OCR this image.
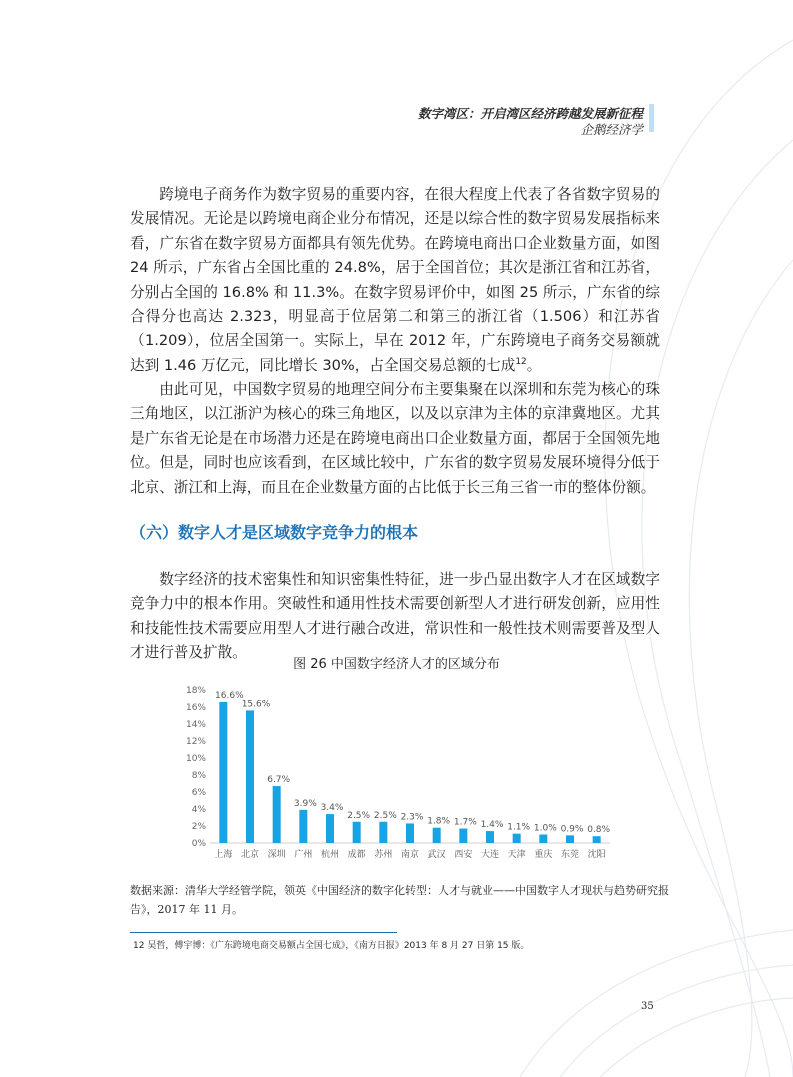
数字湾区：开启湾区经济跨越发展新征程
企鹅经济学

跨境电子商务作为数字贸易的重要内容，在很大程度上代表了各省数字贸易的发展情况。无论是以跨境电商企业分布情况，还是以综合性的数字贸易发展指标来看，广东省在数字贸易方面都具有领先优势。在跨境电商出口企业数量方面，如图 24 所示，广东省占全国比重的 24.8%，居于全国首位；其次是浙江省和江苏省，分别占全国的 16.8% 和 11.3%。在数字贸易评价中，如图 25 所示，广东省的综合得分也高达 2.323，明显高于位居第二和第三的浙江省（1.506）和江苏省（1.209），位居全国第一。实际上，早在 2012 年，广东跨境电子商务交易额就达到 1.46 万亿元，同比增长 30%，占全国交易总额的七成$^{12}$。

由此可见，中国数字贸易的地理空间分布主要集聚在以深圳和东莞为核心的珠三角地区，以江浙沪为核心的珠三角地区，以及以京津为主体的京津冀地区。尤其是广东省无论是在市场潜力还是在跨境电商出口企业数量方面，都居于全国领先地位。但是，同时也应该看到，在区域比较中，广东省的数字贸易发展环境得分低于北京、浙江和上海，而且在企业数量方面的占比低于长三角三省一市的整体份额。

（六）数字人才是区域数字竞争力的根本

数字经济的技术密集性和知识密集性特征，进一步凸显出数字人才在区域数字竞争力中的根本作用。突破性和通用性技术需要创新型人才进行研发创新，应用性和技能性技术需要应用型人才进行融合改进，常识性和一般性技术则需要普及型人才进行普及扩散。

图 26 中国数字经济人才的区域分布
0%
2%
4%
6%
8%
10%
12%
14%
16%
18% 16.6%
上海
15.6%
北京
6.7%
深圳
3.9%
广州
3.4%
杭州
2.5%
成都
2.5%
苏州
2.3%
南京
1.8%
武汉
1.7%
西安
1.4%
大连
1.1%
天津
1.0%
重庆
0.9%
东莞
0.8%
沈阳

数据来源：清华大学经管学院，领英《中国经济的数字化转型：人才与就业——中国数字人才现状与趋势研究报告》，2017 年 11 月。

12 吴哲，傅宇博：《广东跨境电商交易额占全国七成》，《南方日报》2013 年 8 月 27 日第 15 版。
35
